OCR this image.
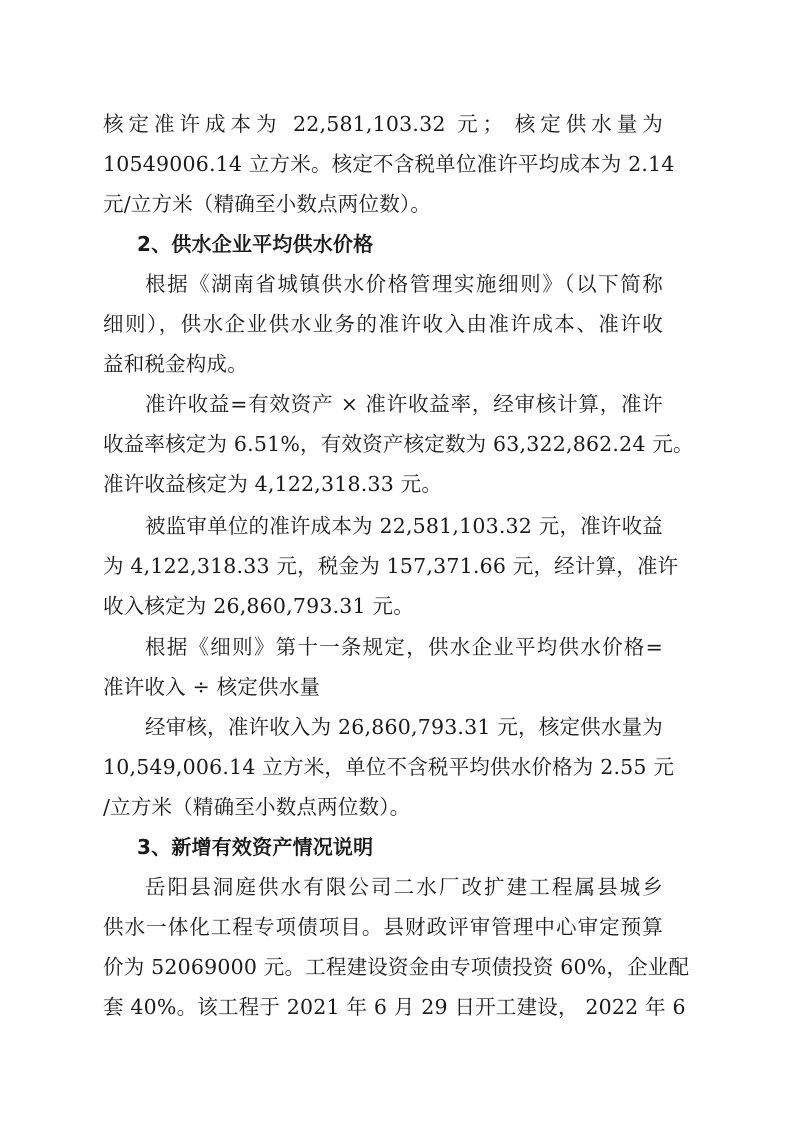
核定准许成本为 22,581,103.32 元； 核定供水量为
10549006.14 立方米。核定不含税单位准许平均成本为 2.14
元/立方米（精确至小数点两位数）。
2、供水企业平均供水价格
根据《湖南省城镇供水价格管理实施细则》（以下简称
细则），供水企业供水业务的准许收入由准许成本、准许收
益和税金构成。
准许收益=有效资产 × 准许收益率，经审核计算，准许
收益率核定为 6.51%，有效资产核定数为 63,322,862.24 元。
准许收益核定为 4,122,318.33 元。
被监审单位的准许成本为 22,581,103.32 元，准许收益
为 4,122,318.33 元，税金为 157,371.66 元，经计算，准许
收入核定为 26,860,793.31 元。
根据《细则》第十一条规定，供水企业平均供水价格=
准许收入 ÷ 核定供水量
经审核，准许收入为 26,860,793.31 元，核定供水量为
10,549,006.14 立方米，单位不含税平均供水价格为 2.55 元
/立方米（精确至小数点两位数）。
3、新增有效资产情况说明
岳阳县洞庭供水有限公司二水厂改扩建工程属县城乡
供水一体化工程专项债项目。县财政评审管理中心审定预算
价为 52069000 元。工程建设资金由专项债投资 60%，企业配
套 40%。该工程于 2021 年 6 月 29 日开工建设， 2022 年 6
